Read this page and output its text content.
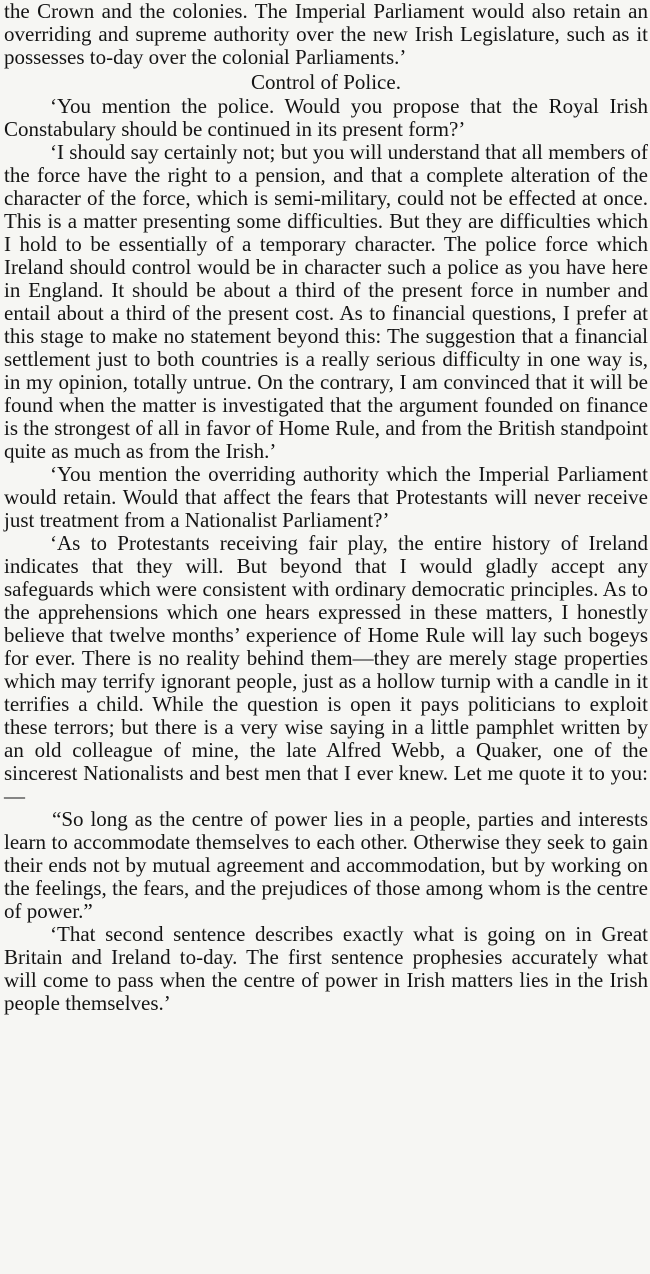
the Crown and the colonies. The Imperial Parliament would also retain an overriding and supreme authority over the new Irish Legislature, such as it possesses to-day over the colonial Parliaments.’

Control of Police.

‘You mention the police. Would you propose that the Royal Irish Constabulary should be continued in its present form?’

‘I should say certainly not; but you will understand that all members of the force have the right to a pension, and that a complete alteration of the character of the force, which is semi-military, could not be effected at once. This is a matter presenting some difficulties. But they are difficulties which I hold to be essentially of a temporary character. The police force which Ireland should control would be in character such a police as you have here in England. It should be about a third of the present force in number and entail about a third of the present cost. As to financial questions, I prefer at this stage to make no statement beyond this: The suggestion that a financial settlement just to both countries is a really serious difficulty in one way is, in my opinion, totally untrue. On the contrary, I am convinced that it will be found when the matter is investigated that the argument founded on finance is the strongest of all in favor of Home Rule, and from the British standpoint quite as much as from the Irish.’

‘You mention the overriding authority which the Imperial Parliament would retain. Would that affect the fears that Protestants will never receive just treatment from a Nationalist Parliament?’

‘As to Protestants receiving fair play, the entire history of Ireland indicates that they will. But beyond that I would gladly accept any safeguards which were consistent with ordinary democratic principles. As to the apprehensions which one hears expressed in these matters, I honestly believe that twelve months’ experience of Home Rule will lay such bogeys for ever. There is no reality behind them—they are merely stage properties which may terrify ignorant people, just as a hollow turnip with a candle in it terrifies a child. While the question is open it pays politicians to exploit these terrors; but there is a very wise saying in a little pamphlet written by an old colleague of mine, the late Alfred Webb, a Quaker, one of the sincerest Nationalists and best men that I ever knew. Let me quote it to you:—

“So long as the centre of power lies in a people, parties and interests learn to accommodate themselves to each other. Otherwise they seek to gain their ends not by mutual agreement and accommodation, but by working on the feelings, the fears, and the prejudices of those among whom is the centre of power.”

‘That second sentence describes exactly what is going on in Great Britain and Ireland to-day. The first sentence prophesies accurately what will come to pass when the centre of power in Irish matters lies in the Irish people themselves.’
